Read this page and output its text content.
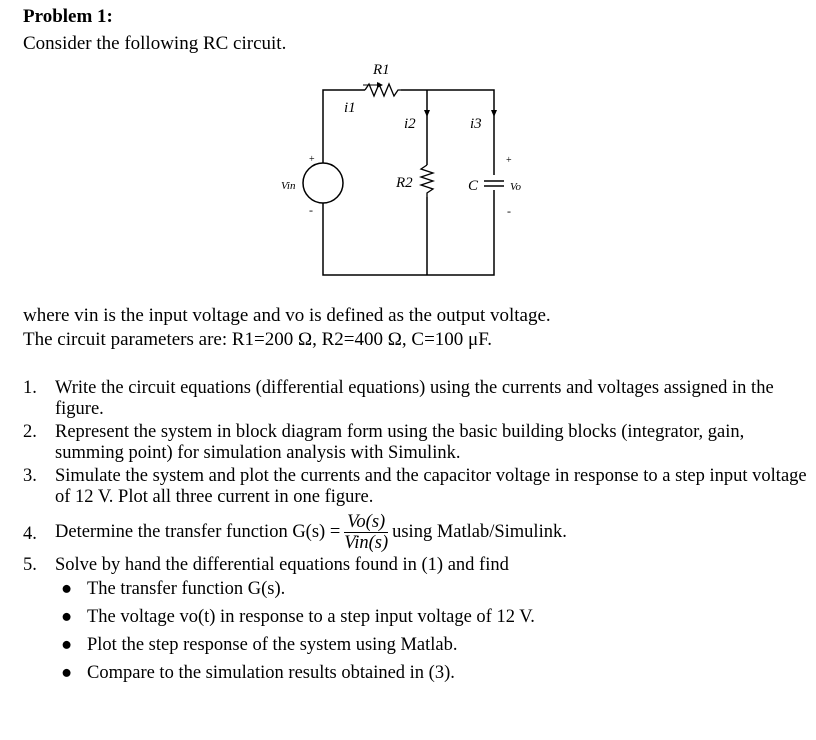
Problem 1:
Consider the following RC circuit.
R1
i1
i2	i3
R2	C
Vin	Vo
+
-
+
-
where vin is the input voltage and vo is defined as the output voltage.
The circuit parameters are: R1=200 Ω, R2=400 Ω, C=100 μF.
1. Write the circuit equations (differential equations) using the currents and voltages assigned in the figure.
2. Represent the system in block diagram form using the basic building blocks (integrator, gain, summing point) for simulation analysis with Simulink.
3. Simulate the system and plot the currents and the capacitor voltage in response to a step input voltage of 12 V. Plot all three current in one figure.
4. Determine the transfer function $G(s) = \frac{Vo(s)}{\text{Vin(s)}}$ using Matlab/Simulink.
5. Solve by hand the differential equations found in (1) and find
● The transfer function G(s).
● The voltage vo(t) in response to a step input voltage of 12 V.
● Plot the step response of the system using Matlab.
● Compare to the simulation results obtained in (3).
